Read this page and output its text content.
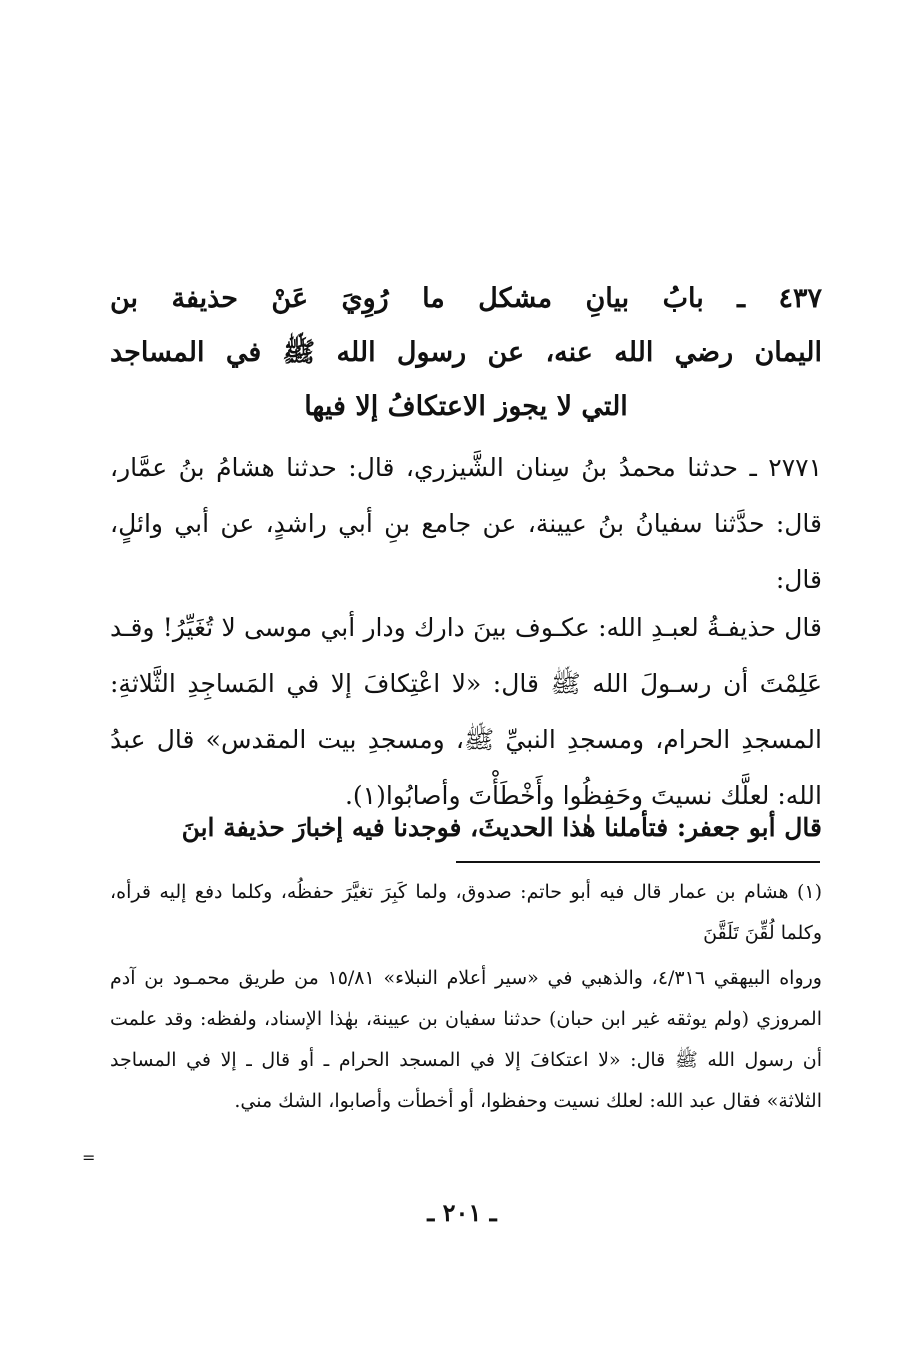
٤٣٧ ـ بابُ بيانِ مشكل ما رُوِيَ عَنْ حذيفة بن
اليمان رضي الله عنه، عن رسول الله ﷺ في المساجد
التي لا يجوز الاعتكافُ إلا فيها

٢٧٧١ ـ حدثنا محمدُ بنُ سِنان الشَّيزري، قال: حدثنا هشامُ بنُ عمَّار، قال: حدَّثنا سفيانُ بنُ عيينة، عن جامع بنِ أبي راشدٍ، عن أبي وائلٍ، قال:

قال حذيفـةُ لعبـدِ الله: عكـوف بينَ دارك ودار أبي موسى لا تُغَيِّرُ! وقـد عَلِمْتَ أن رسـولَ الله ﷺ قال: «لا اعْتِكافَ إلا في المَساجِدِ الثَّلاثةِ: المسجدِ الحرام، ومسجدِ النبيِّ ﷺ، ومسجدِ بيت المقدس» قال عبدُ الله: لعلَّك نسيتَ وحَفِظُوا وأَخْطَأْتَ وأصابُوا(١).

قال أبو جعفر: فتأملنا هٰذا الحديثَ، فوجدنا فيه إخبارَ حذيفة ابنَ

(١) هشام بن عمار قال فيه أبو حاتم: صدوق، ولما كَبِرَ تغيَّرَ حفظُه، وكلما دفع إليه قرأه، وكلما لُقِّنَ تَلَقَّنَ

ورواه البيهقي ٤/٣١٦، والذهبي في «سير أعلام النبلاء» ١٥/٨١ من طريق محمـود بن آدم المروزي (ولم يوثقه غير ابن حبان) حدثنا سفيان بن عيينة، بهٰذا الإسناد، ولفظه: وقد علمت أن رسول الله ﷺ قال: «لا اعتكافَ إلا في المسجد الحرام ـ أو قال ـ إلا في المساجد الثلاثة» فقال عبد الله: لعلك نسيت وحفظوا، أو أخطأت وأصابوا، الشك مني.

=
ـ ٢٠١ ـ
